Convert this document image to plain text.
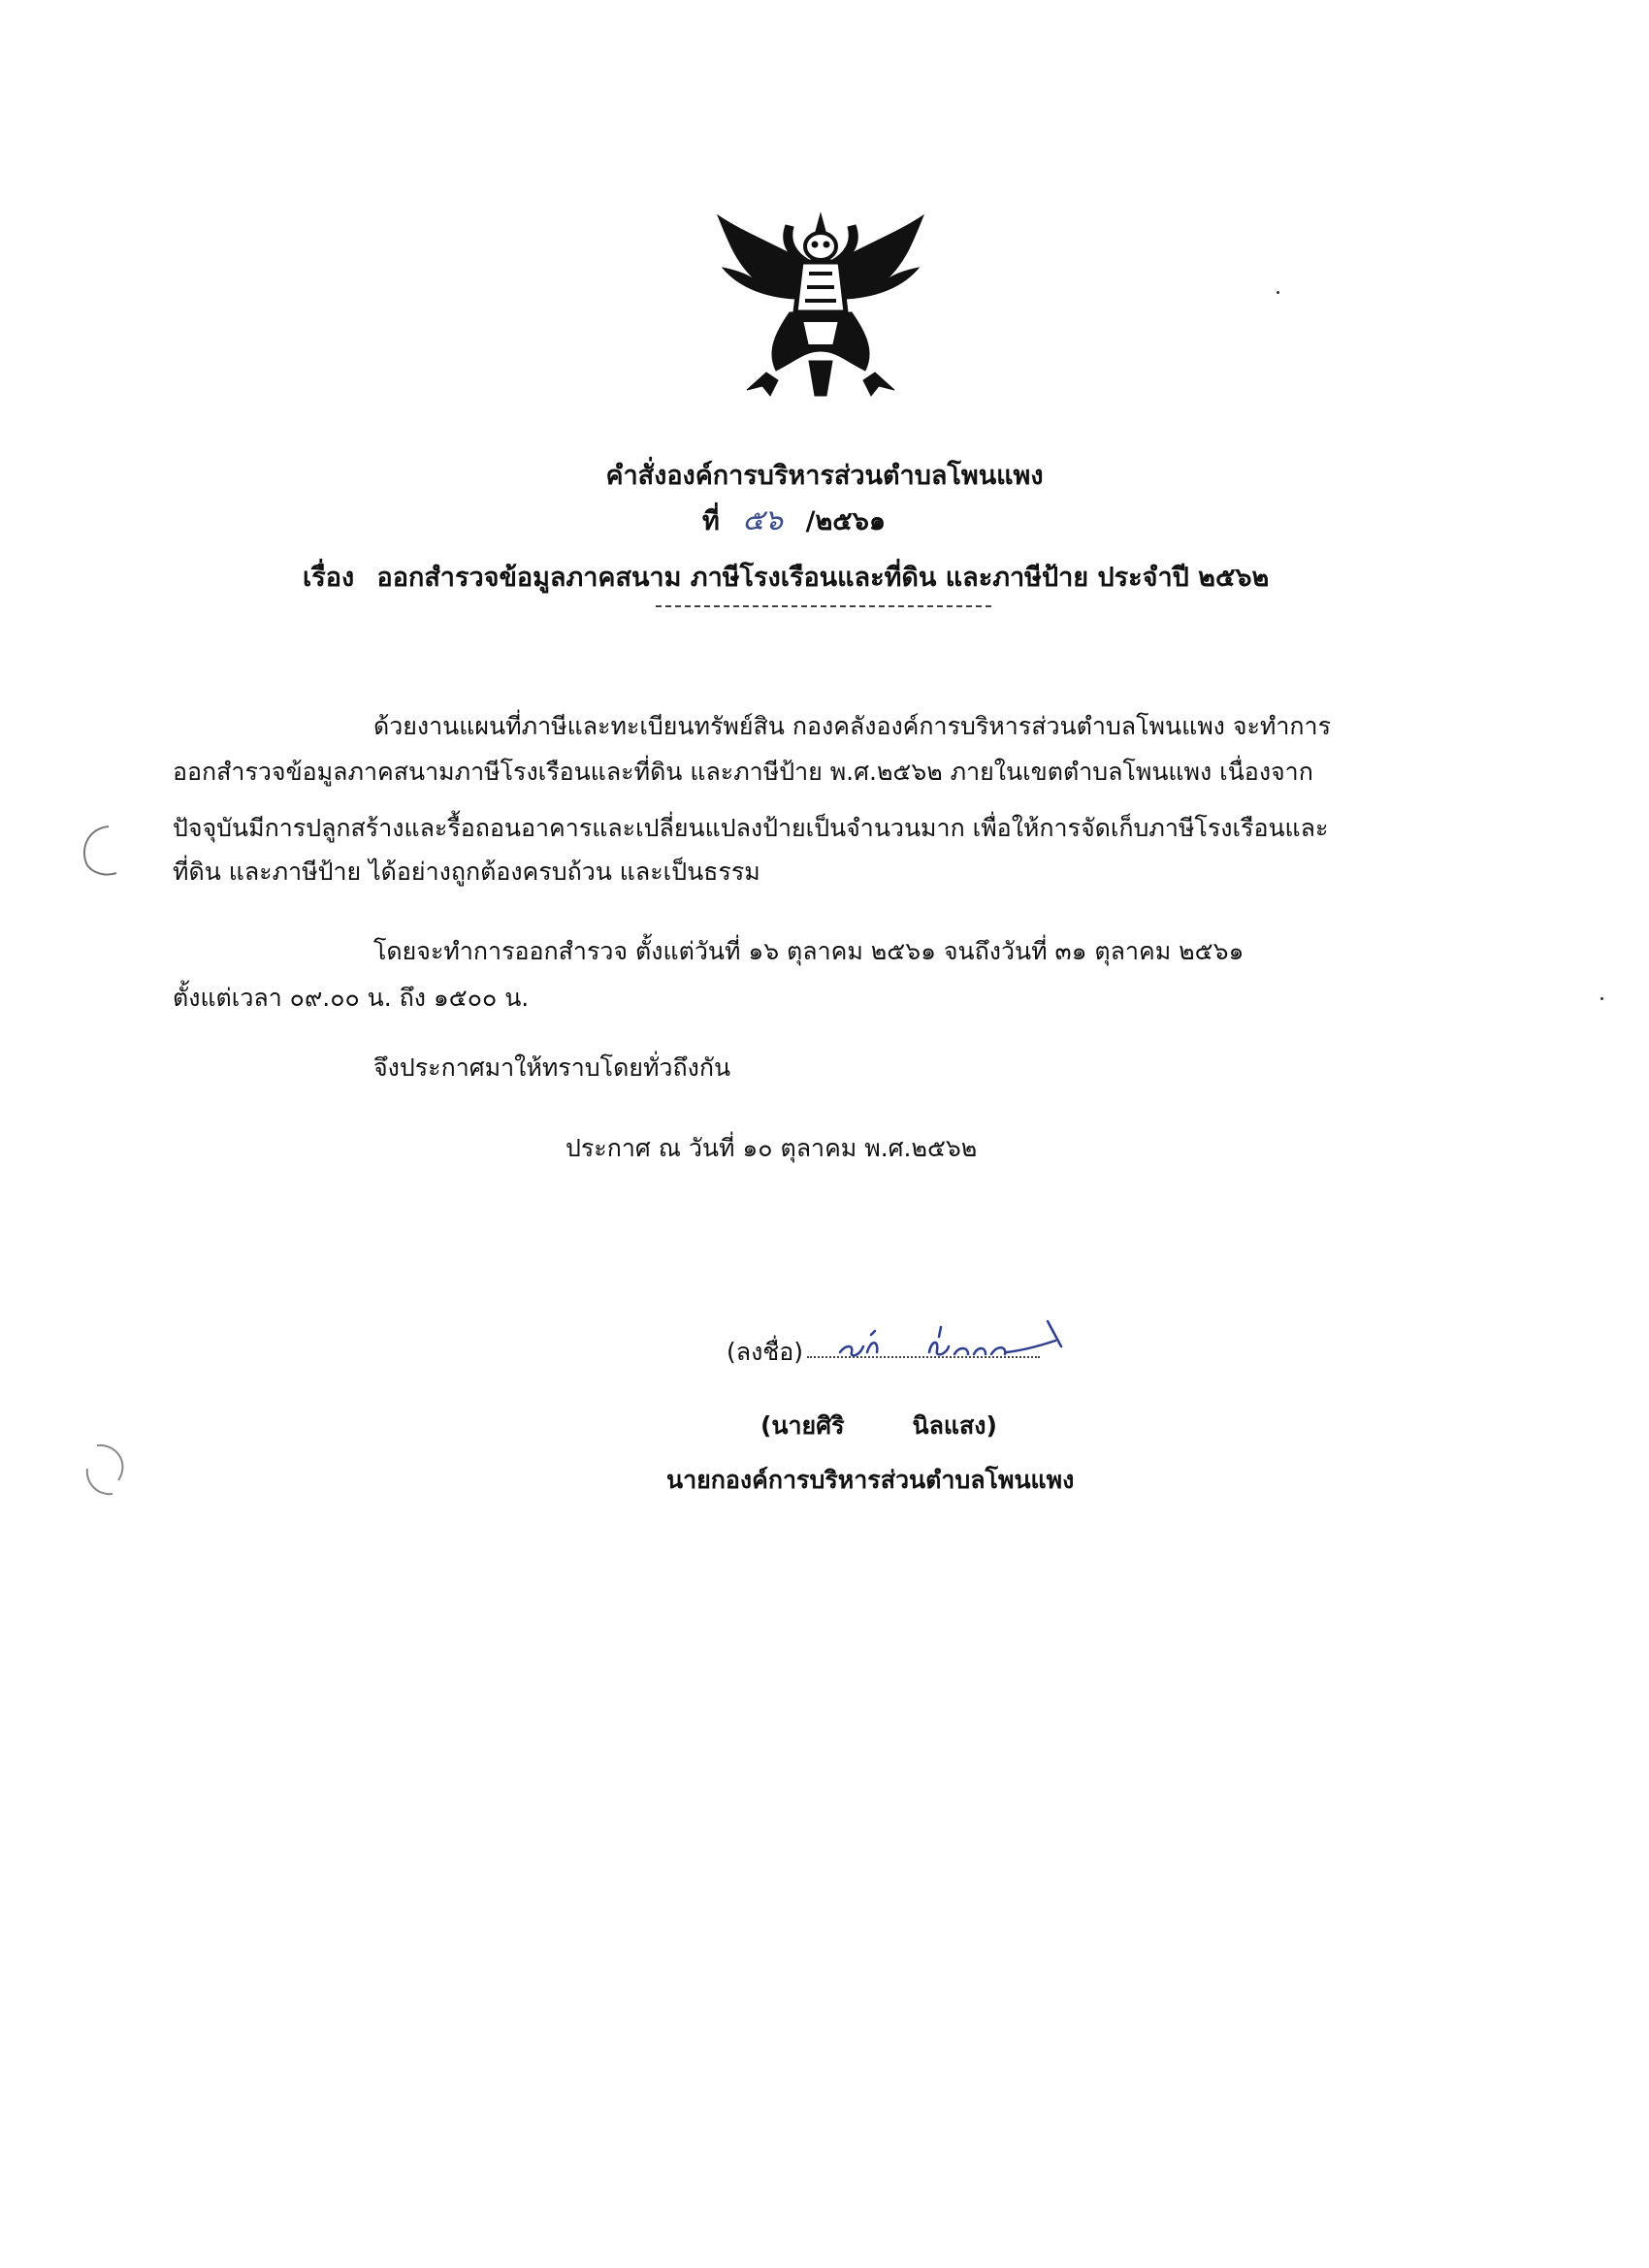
คำสั่งองค์การบริหารส่วนตำบลโพนแพง
ที่ ๕๖ /๒๕๖๑
เรื่อง ออกสำรวจข้อมูลภาคสนาม ภาษีโรงเรือนและที่ดิน และภาษีป้าย ประจำปี ๒๕๖๒
ด้วยงานแผนที่ภาษีและทะเบียนทรัพย์สิน กองคลังองค์การบริหารส่วนตำบลโพนแพง จะทำการ
ออกสำรวจข้อมูลภาคสนามภาษีโรงเรือนและที่ดิน และภาษีป้าย พ.ศ.๒๕๖๒ ภายในเขตตำบลโพนแพง เนื่องจาก
ปัจจุบันมีการปลูกสร้างและรื้อถอนอาคารและเปลี่ยนแปลงป้ายเป็นจำนวนมาก เพื่อให้การจัดเก็บภาษีโรงเรือนและ
ที่ดิน และภาษีป้าย ได้อย่างถูกต้องครบถ้วน และเป็นธรรม
โดยจะทำการออกสำรวจ ตั้งแต่วันที่ ๑๖ ตุลาคม ๒๕๖๑ จนถึงวันที่ ๓๑ ตุลาคม ๒๕๖๑
ตั้งแต่เวลา ๐๙.๐๐ น. ถึง ๑๕๐๐ น.
จึงประกาศมาให้ทราบโดยทั่วถึงกัน
ประกาศ ณ วันที่ ๑๐ ตุลาคม พ.ศ.๒๕๖๒
(ลงชื่อ)
(นายศิริ	นิลแสง)
นายกองค์การบริหารส่วนตำบลโพนแพง
